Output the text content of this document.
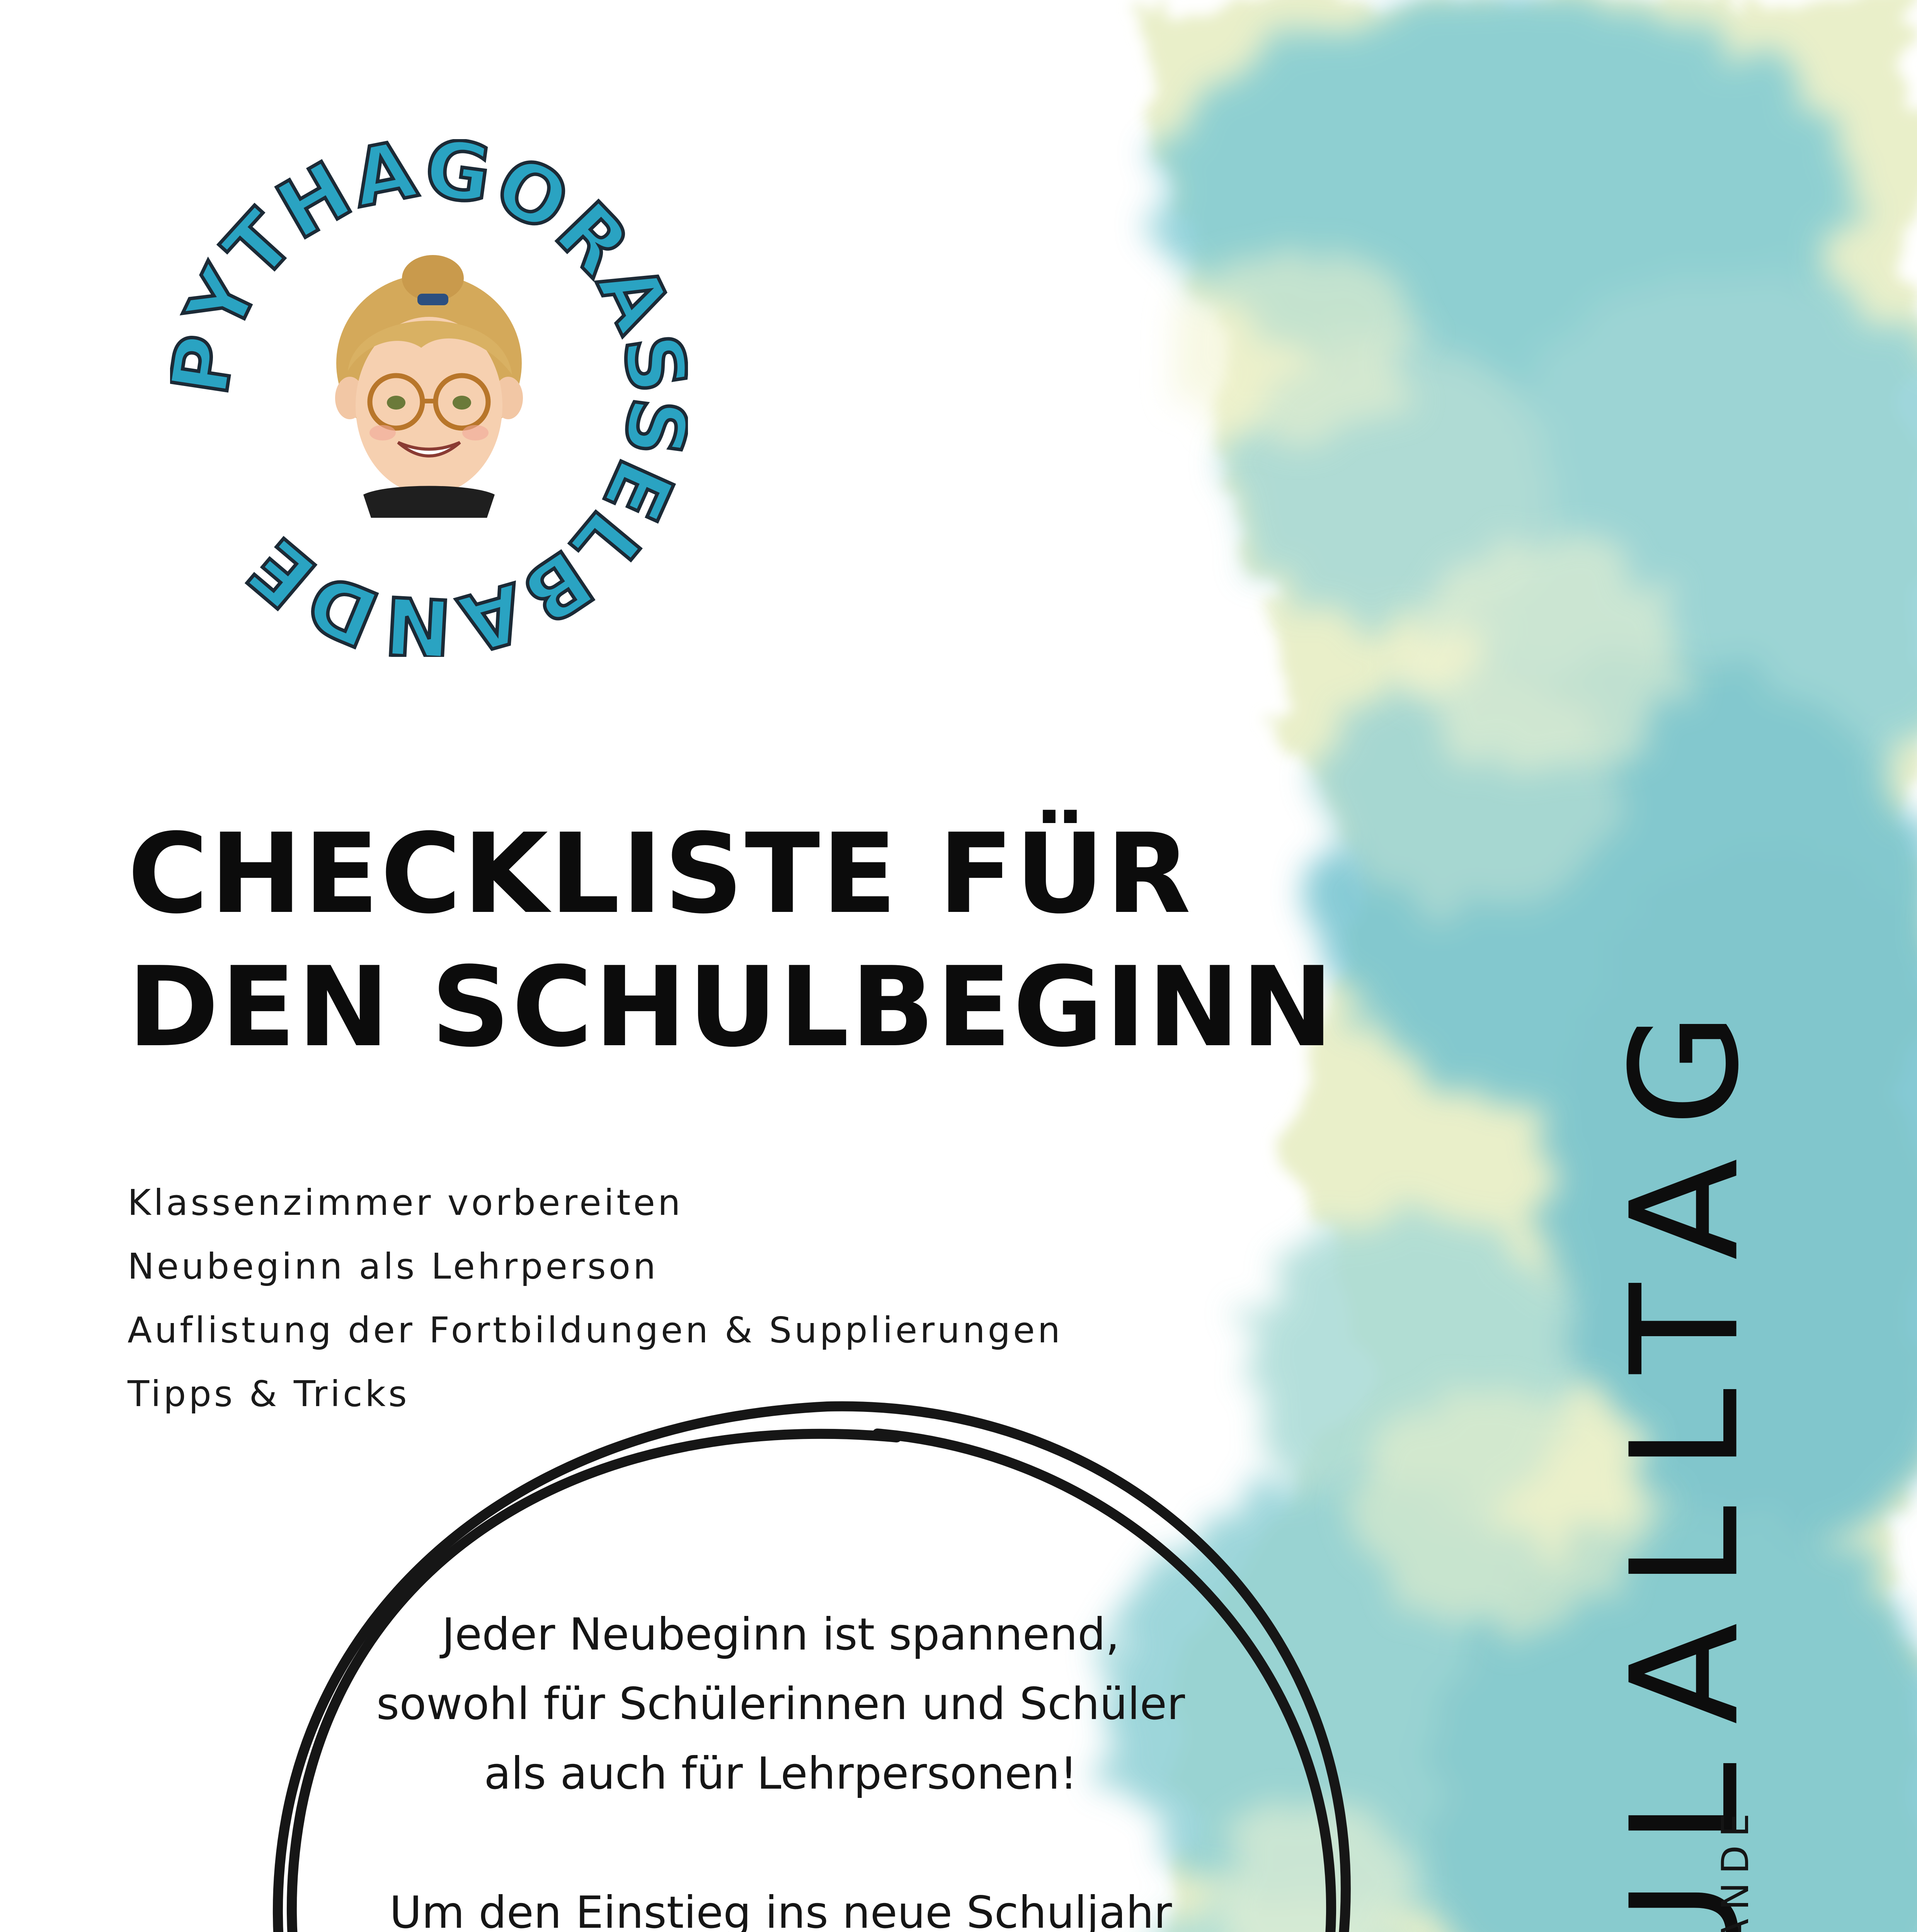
YTHAGORA ELBANDE
CHECKLISTE FÜR
DEN SCHULBEGINN
Klassenzimmer vorbereiten
Neubeginn als Lehrperson
Auflistung der Fortbildungen & Supplierungen
Tipps & Tricks

Jeder Neubeginn ist spannend,

sowohl für Schülerinnen und Schüler

als auch für Lehrpersonen!

Um den Einstieg ins neue Schuljahr	SCHULALLTAG
